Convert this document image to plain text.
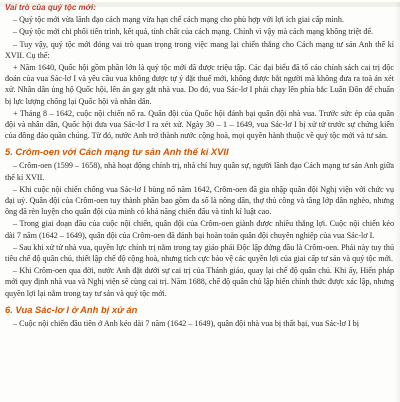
Vai trò của quý tộc mới:

– Quý tộc mới vừa lãnh đạo cách mạng vừa hạn chế cách mạng cho phù hợp với lợi ích giai cấp mình.

– Quý tộc mới chi phối tiến trình, kết quả, tính chất của cách mạng. Chính vì vậy mà cách mạng không triệt để.

– Tuy vậy, quý tộc mới đóng vai trò quan trọng trong việc mang lại chiến thắng cho Cách mạng tư sản Anh thế kỉ XVII. Cụ thể:

+ Năm 1640, Quốc hội gồm phần lớn là quý tộc mới đã được triệu tập. Các đại biểu đã tố cáo chính sách cai trị độc đoán của vua Sác-lơ I và yêu cầu vua không được tự ý đặt thuế mới, không được bắt người mà không đưa ra toà án xét xử. Nhân dân ủng hộ Quốc hội, lên án gay gắt nhà vua. Do đó, vua Sác-lơ I phải chạy lên phía bắc Luân Đôn để chuẩn bị lực lượng chống lại Quốc hội và nhân dân.

+ Tháng 8 – 1642, cuộc nội chiến nổ ra. Quân đội của Quốc hội đánh bại quân đội nhà vua. Trước sức ép của quân đội và nhân dân, Quốc hội đưa vua Sác-lơ I ra xét xử. Ngày 30 – 1 – 1649, vua Sác-lơ I bị xử tử trước sự chứng kiến của đông đảo quần chúng. Từ đó, nước Anh trở thành nước cộng hoà, mọi quyền hành thuộc về quý tộc mới và tư sản.

5. Crôm-oen với Cách mạng tư sản Anh thế kỉ XVII

– Crôm-oen (1599 – 1658), nhà hoạt động chính trị, nhà chỉ huy quân sự, người lãnh đạo Cách mạng tư sản Anh giữa thế kỉ XVII.

– Khi cuộc nội chiến chống vua Sác-lơ I bùng nổ năm 1642, Crôm-oen đã gia nhập quân đội Nghị viện với chức vụ đại uý. Quân đội của Crôm-oen tuy thành phần bao gồm đa số là nông dân, thợ thủ công và tầng lớp dân nghèo, nhưng ông đã rèn luyện cho quân đội của mình có khả năng chiến đấu và tinh kỉ luật cao.

– Trong giai đoạn đầu của cuộc nội chiến, quân đội của Crôm-oen giành được nhiều thắng lợi. Cuộc nội chiến kéo dài 7 năm (1642 – 1649), quân đội của Crôm-oen đã đánh bại hoàn toàn quân đội chuyên nghiệp của vua Sác-lơ I.

– Sau khi xử tử nhà vua, quyền lực chính trị nằm trong tay giáo phái Độc lập đứng đầu là Crôm-oen. Phái này tuy thủ tiêu chế độ quân chủ, thiết lập chế độ cộng hoà, nhưng tích cực bảo vệ các quyền lợi của giai cấp tư sản và quý tộc mới.

– Khi Crôm-oen qua đời, nước Anh đặt dưới sự cai trị của Thánh giáo, quay lại chế độ quân chủ. Khi ấy, Hiến pháp mới quy định nhà vua và Nghị viện sẽ cùng cai trị. Năm 1688, chế độ quân chủ lập hiến chính thức được xác lập, nhưng quyền lợi lại nằm trong tay tư sản và quý tộc mới.

6. Vua Sác-lơ I ở Anh bị xử án

– Cuộc nội chiến đầu tiên ở Anh kéo dài 7 năm (1642 – 1649), quân đội nhà vua bị thất bại, vua Sác-lơ I bị
